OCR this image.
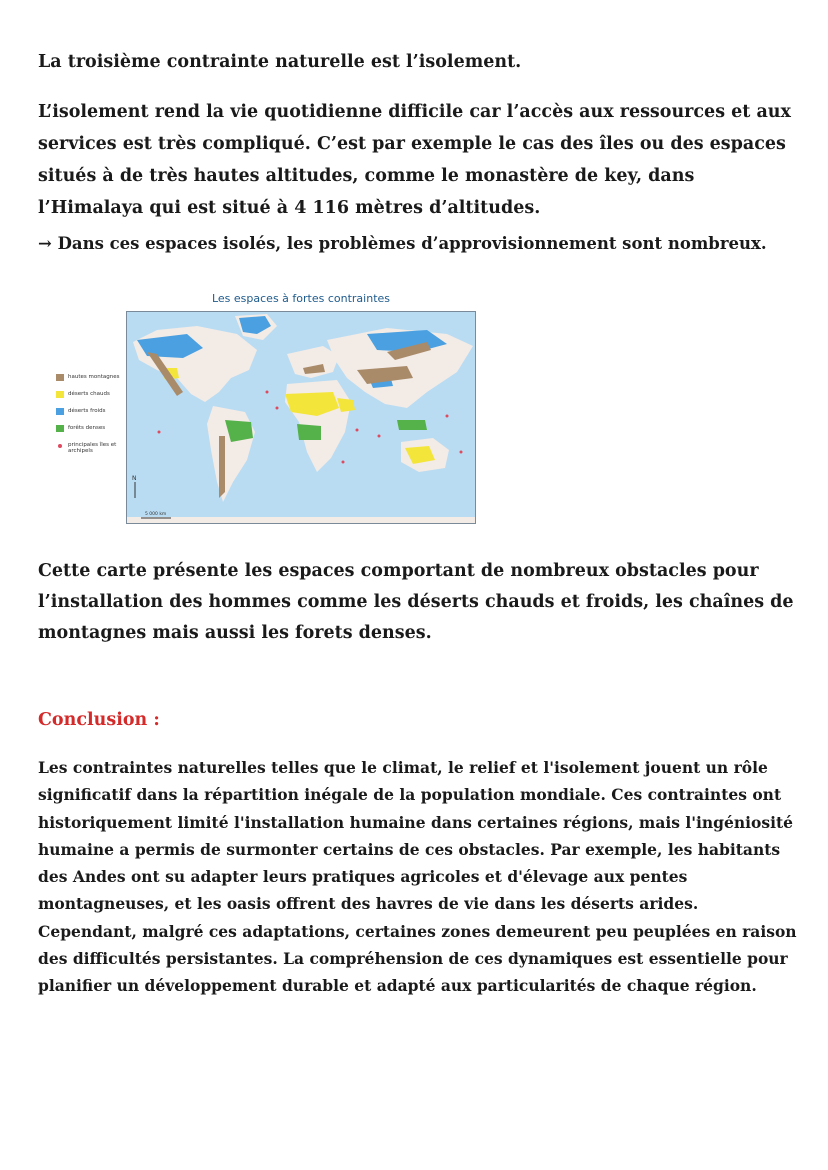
La troisième contrainte naturelle est l’isolement.

L’isolement rend la vie quotidienne difficile car l’accès aux ressources et aux services est très compliqué. C’est par exemple le cas des îles ou des espaces situés à de très hautes altitudes, comme le monastère de key, dans l’Himalaya qui est situé à 4 116 mètres d’altitudes.

→ Dans ces espaces isolés, les problèmes d’approvisionnement sont nombreux.

Les espaces à fortes contraintes
hautes montagnes
déserts chauds
déserts froids
forêts denses
principales îles et archipels
N
5 000 km

Cette carte présente les espaces comportant de nombreux obstacles pour l’installation des hommes comme les déserts chauds et froids, les chaînes de montagnes mais aussi les forets denses.

Conclusion :

Les contraintes naturelles telles que le climat, le relief et l'isolement jouent un rôle significatif dans la répartition inégale de la population mondiale. Ces contraintes ont historiquement limité l'installation humaine dans certaines régions, mais l'ingéniosité humaine a permis de surmonter certains de ces obstacles. Par exemple, les habitants des Andes ont su adapter leurs pratiques agricoles et d'élevage aux pentes montagneuses, et les oasis offrent des havres de vie dans les déserts arides. Cependant, malgré ces adaptations, certaines zones demeurent peu peuplées en raison des difficultés persistantes. La compréhension de ces dynamiques est essentielle pour planifier un développement durable et adapté aux particularités de chaque région.
